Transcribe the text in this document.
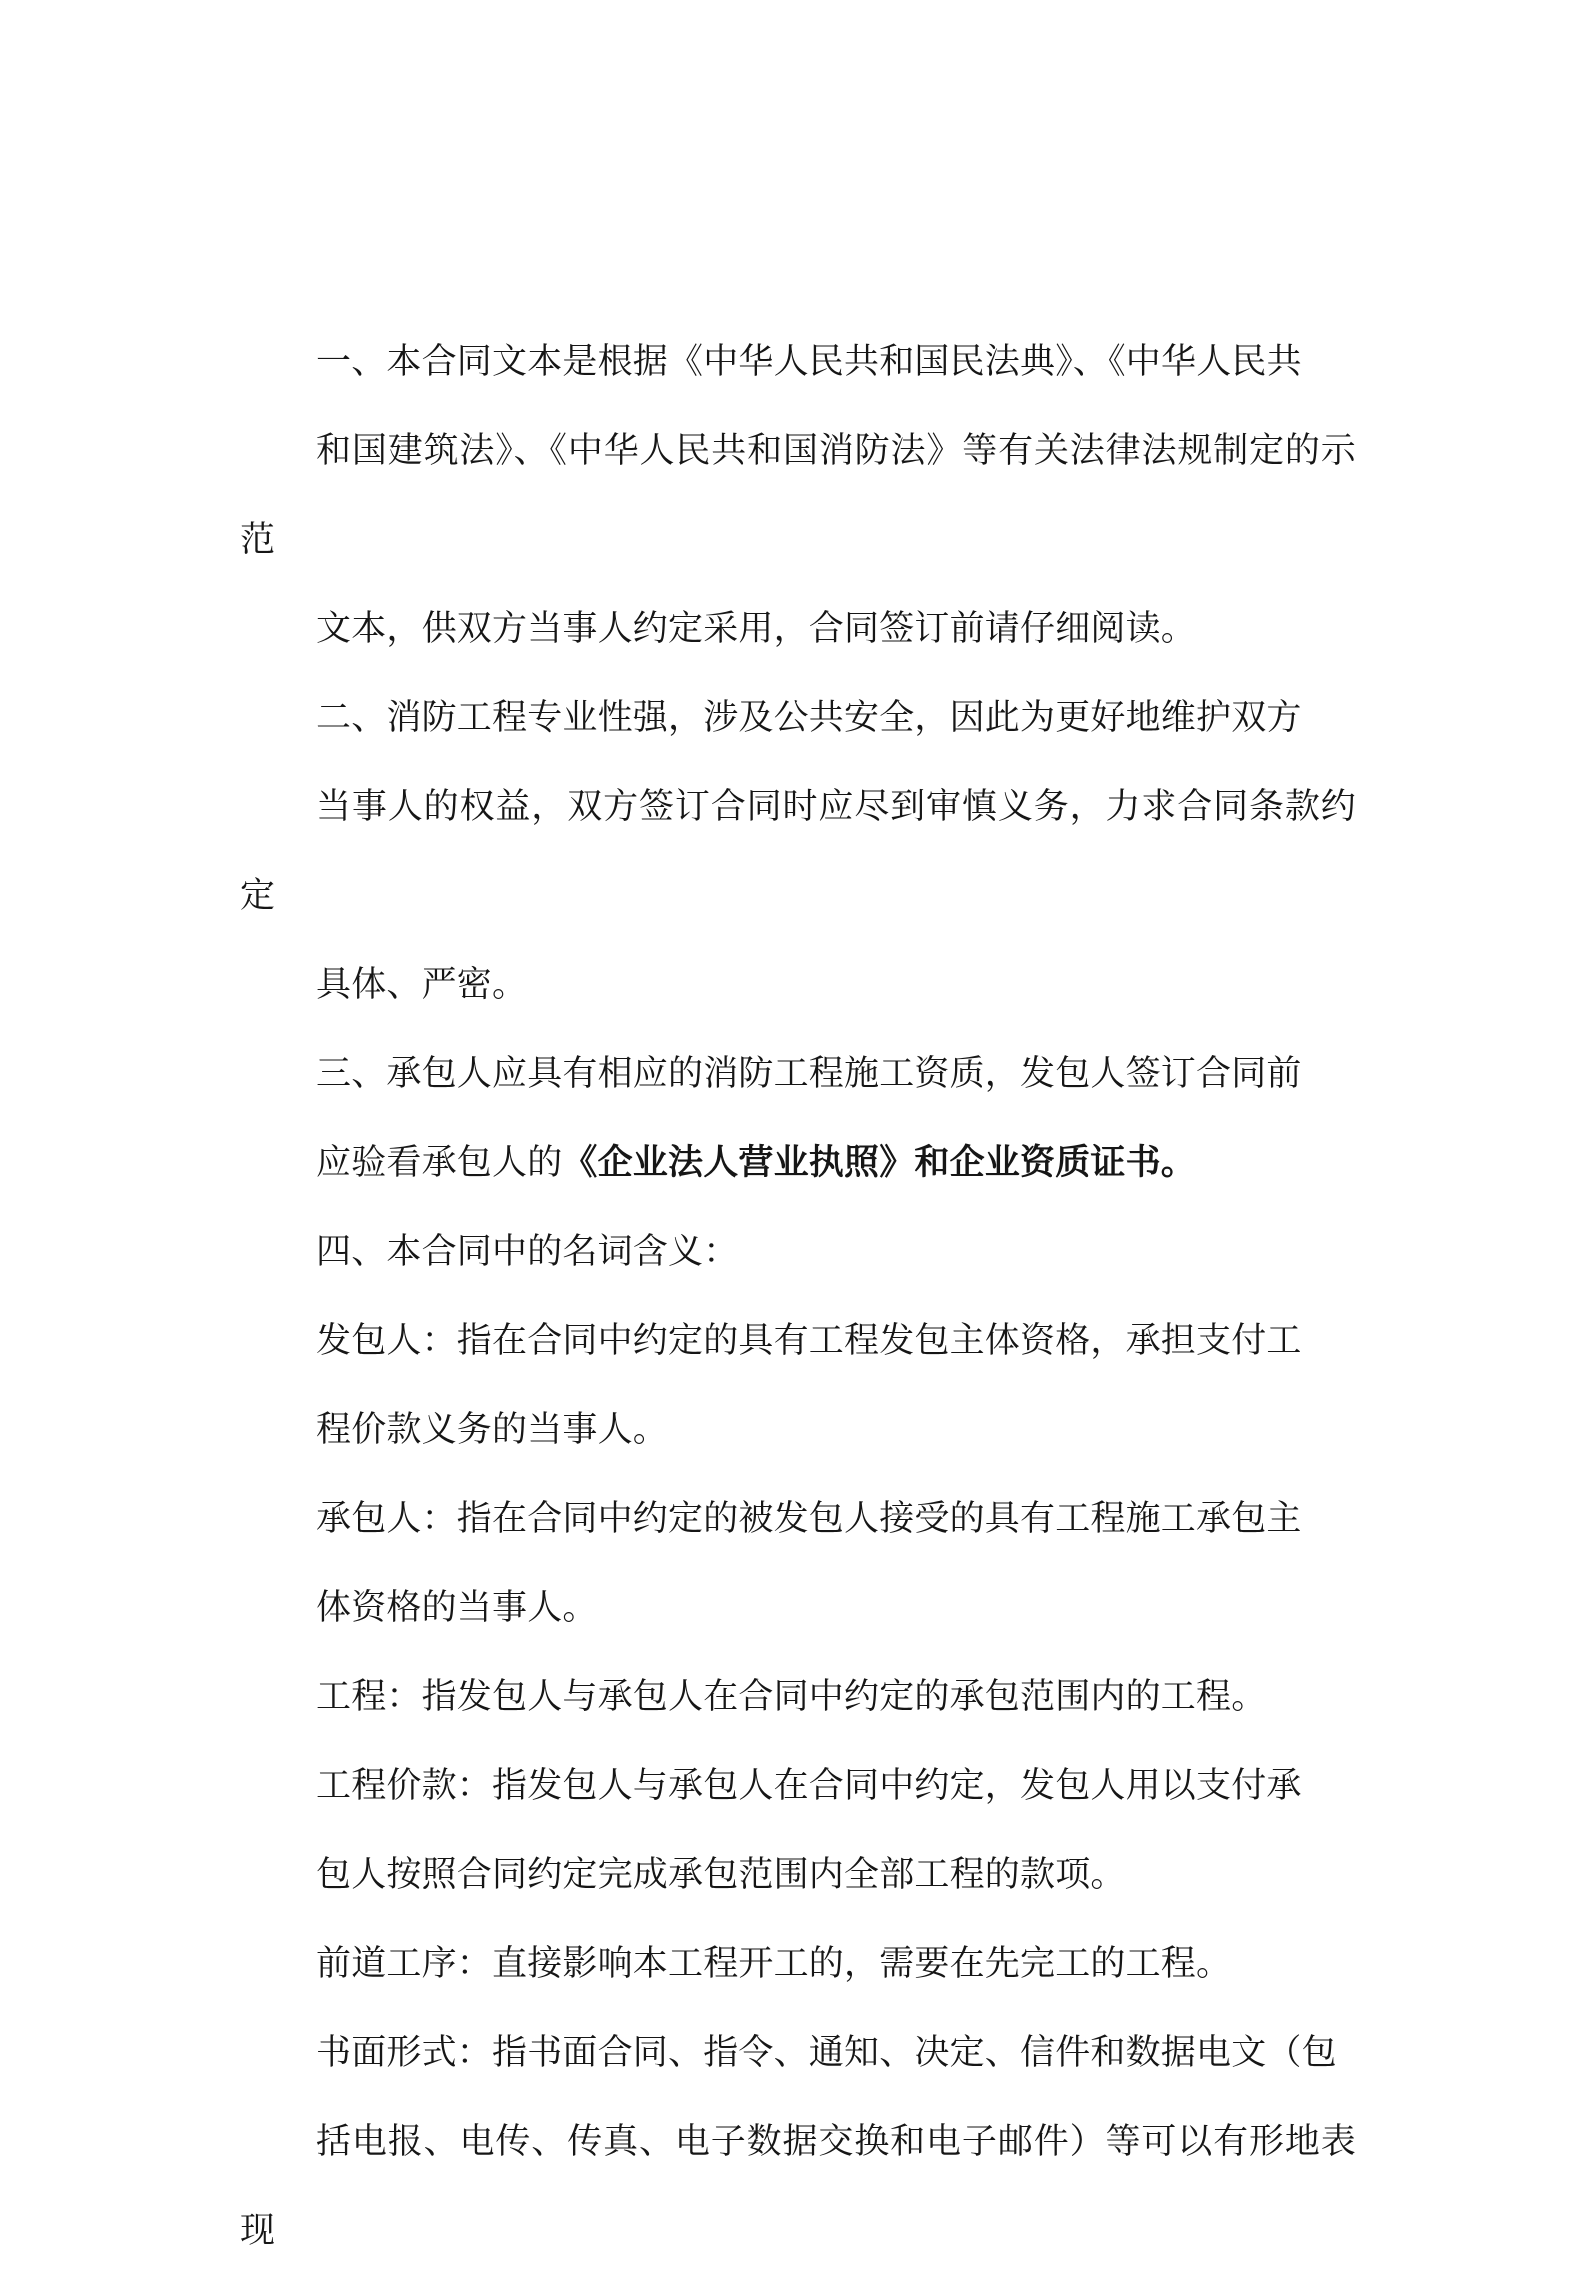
一、本合同文本是根据《中华人民共和国民法典》、《中华人民共
和国建筑法》、《中华人民共和国消防法》等有关法律法规制定的示范
文本，供双方当事人约定采用，合同签订前请仔细阅读。

二、消防工程专业性强，涉及公共安全，因此为更好地维护双方
当事人的权益，双方签订合同时应尽到审慎义务，力求合同条款约定
具体、严密。

三、承包人应具有相应的消防工程施工资质，发包人签订合同前
应验看承包人的《企业法人营业执照》和企业资质证书。

四、本合同中的名词含义：

发包人：指在合同中约定的具有工程发包主体资格，承担支付工
程价款义务的当事人。

承包人：指在合同中约定的被发包人接受的具有工程施工承包主
体资格的当事人。

工程：指发包人与承包人在合同中约定的承包范围内的工程。

工程价款：指发包人与承包人在合同中约定，发包人用以支付承
包人按照合同约定完成承包范围内全部工程的款项。

前道工序：直接影响本工程开工的，需要在先完工的工程。

书面形式：指书面合同、指令、通知、决定、信件和数据电文（包
括电报、电传、传真、电子数据交换和电子邮件）等可以有形地表现
